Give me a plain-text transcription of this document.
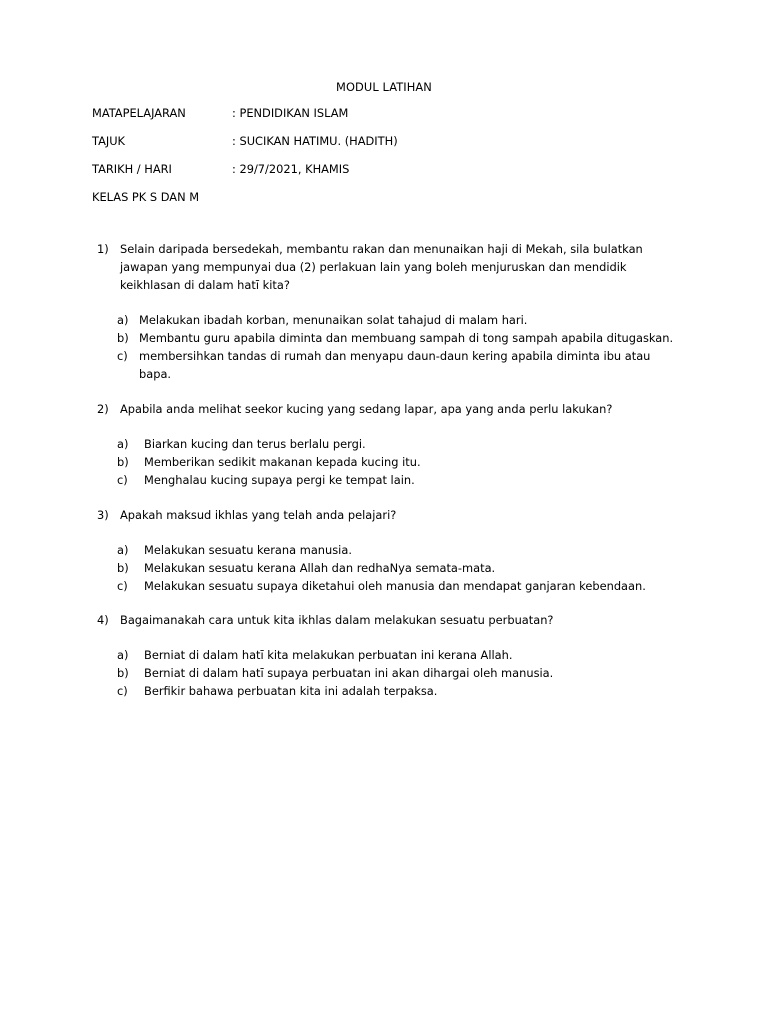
MODUL LATIHAN
MATAPELAJARAN	: PENDIDIKAN ISLAM
TAJUK	: SUCIKAN HATIMU. (HADITH)
TARIKH / HARI	: 29/7/2021, KHAMIS
KELAS PK S DAN M
1) Selain daripada bersedekah, membantu rakan dan menunaikan haji di Mekah, sila bulatkan
jawapan yang mempunyai dua (2) perlakuan lain yang boleh menjuruskan dan mendidik
keikhlasan di dalam hatī kita?
a) Melakukan ibadah korban, menunaikan solat tahajud di malam hari.
b) Membantu guru apabila diminta dan membuang sampah di tong sampah apabila ditugaskan.
c) membersihkan tandas di rumah dan menyapu daun-daun kering apabila diminta ibu atau
bapa.
2) Apabila anda melihat seekor kucing yang sedang lapar, apa yang anda perlu lakukan?
a) Biarkan kucing dan terus berlalu pergi.
b) Memberikan sedikit makanan kepada kucing itu.
c) Menghalau kucing supaya pergi ke tempat lain.
3) Apakah maksud ikhlas yang telah anda pelajari?
a) Melakukan sesuatu kerana manusia.
b) Melakukan sesuatu kerana Allah dan redhaNya semata-mata.
c) Melakukan sesuatu supaya diketahui oleh manusia dan mendapat ganjaran kebendaan.
4) Bagaimanakah cara untuk kita ikhlas dalam melakukan sesuatu perbuatan?
a) Berniat di dalam hatī kita melakukan perbuatan ini kerana Allah.
b) Berniat di dalam hatī supaya perbuatan ini akan dihargai oleh manusia.
c) Berfikir bahawa perbuatan kita ini adalah terpaksa.
